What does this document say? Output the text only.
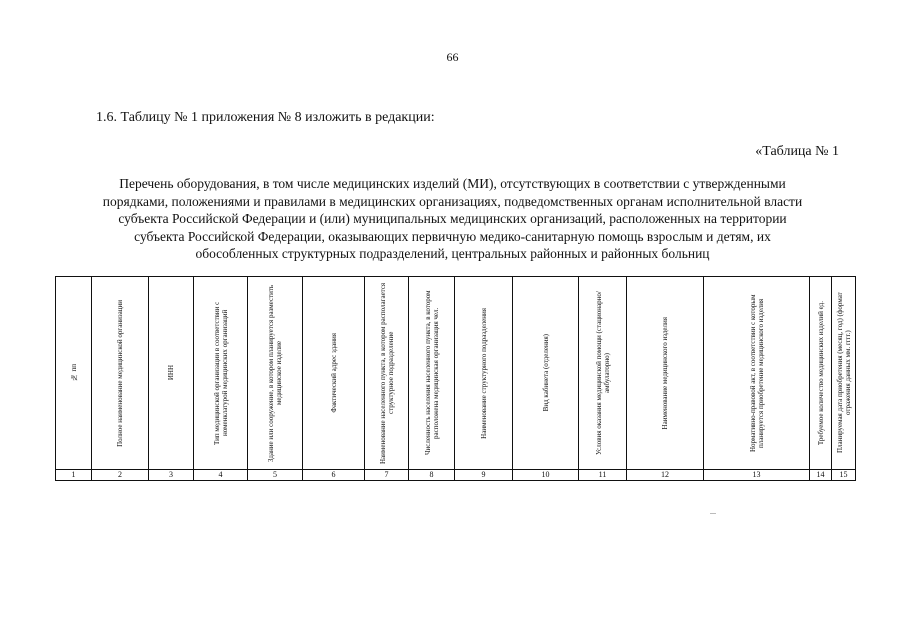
66
1.6. Таблицу № 1 приложения № 8 изложить в редакции:
«Таблица № 1
Перечень оборудования, в том числе медицинских изделий (МИ), отсутствующих в соответствии с утвержденными
порядками, положениями и правилами в медицинских организациях, подведомственных органам исполнительной власти
субъекта Российской Федерации и (или) муниципальных медицинских организаций, расположенных на территории
субъекта Российской Федерации, оказывающих первичную медико-санитарную помощь взрослым и детям, их
обособленных структурных подразделений, центральных районных и районных больниц
№ пп	Полное наименование медицинской организации	ИНН	Тип медицинской организации в соответствии с номенклатурой медицинских организаций	Здание или сооружение, в котором планируется разместить медицинское изделие	Фактический адрес здания	Наименование населенного пункта, в котором располагается структурное подразделение	Численность населения населенного пункта, в котором расположена медицинская организация чел.	Наименование структурного подразделения	Вид кабинета (отделения)	Условия оказания медицинской помощи (стационарно/амбулаторно)	Наименование медицинского изделия	Нормативно-правовой акт, в соответствии с которым планируется приобретение медицинского изделия	Требуемое количество медицинских изделий ед.	Планируемая дата приобретения (месяц, год) (формат отражения данных мм. гггг.)

1	2	3	4	5	6	7	8	9	10	11	12	13	14	15
